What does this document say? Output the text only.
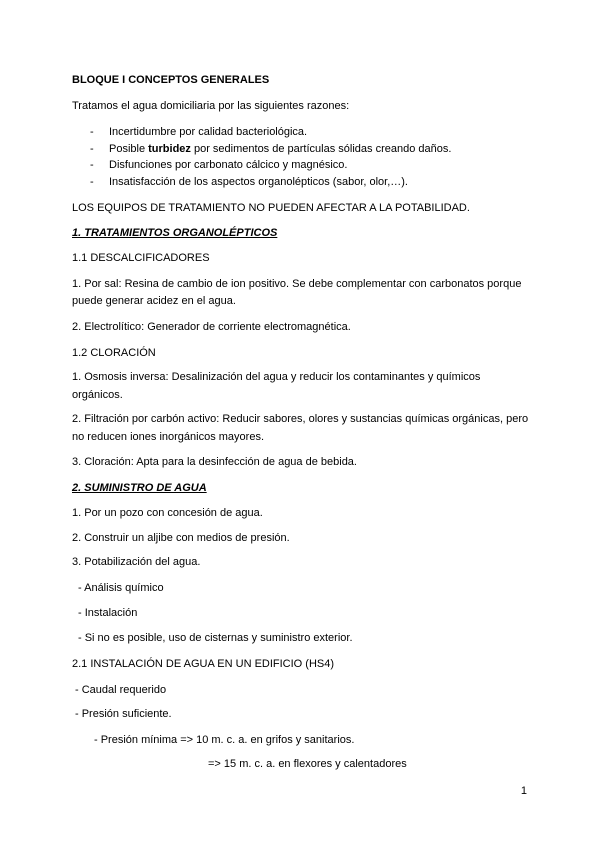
BLOQUE I CONCEPTOS GENERALES
Tratamos el agua domiciliaria por las siguientes razones:
- Incertidumbre por calidad bacteriológica.
- Posible turbidez por sedimentos de partículas sólidas creando daños.
- Disfunciones por carbonato cálcico y magnésico.
- Insatisfacción de los aspectos organolépticos (sabor, olor,…).
LOS EQUIPOS DE TRATAMIENTO NO PUEDEN AFECTAR A LA POTABILIDAD.
1. TRATAMIENTOS ORGANOLÉPTICOS
1.1 DESCALCIFICADORES
1. Por sal: Resina de cambio de ion positivo. Se debe complementar con carbonatos porque
puede generar acidez en el agua.
2. Electrolítico: Generador de corriente electromagnética.
1.2 CLORACIÓN
1. Osmosis inversa: Desalinización del agua y reducir los contaminantes y químicos
orgánicos.
2. Filtración por carbón activo: Reducir sabores, olores y sustancias químicas orgánicas, pero
no reducen iones inorgánicos mayores.
3. Cloración: Apta para la desinfección de agua de bebida.
2. SUMINISTRO DE AGUA
1. Por un pozo con concesión de agua.
2. Construir un aljibe con medios de presión.
3. Potabilización del agua.
- Análisis químico
- Instalación
- Si no es posible, uso de cisternas y suministro exterior.
2.1 INSTALACIÓN DE AGUA EN UN EDIFICIO (HS4)
- Caudal requerido
- Presión suficiente.
- Presión mínima => 10 m. c. a. en grifos y sanitarios.
=> 15 m. c. a. en flexores y calentadores
1
